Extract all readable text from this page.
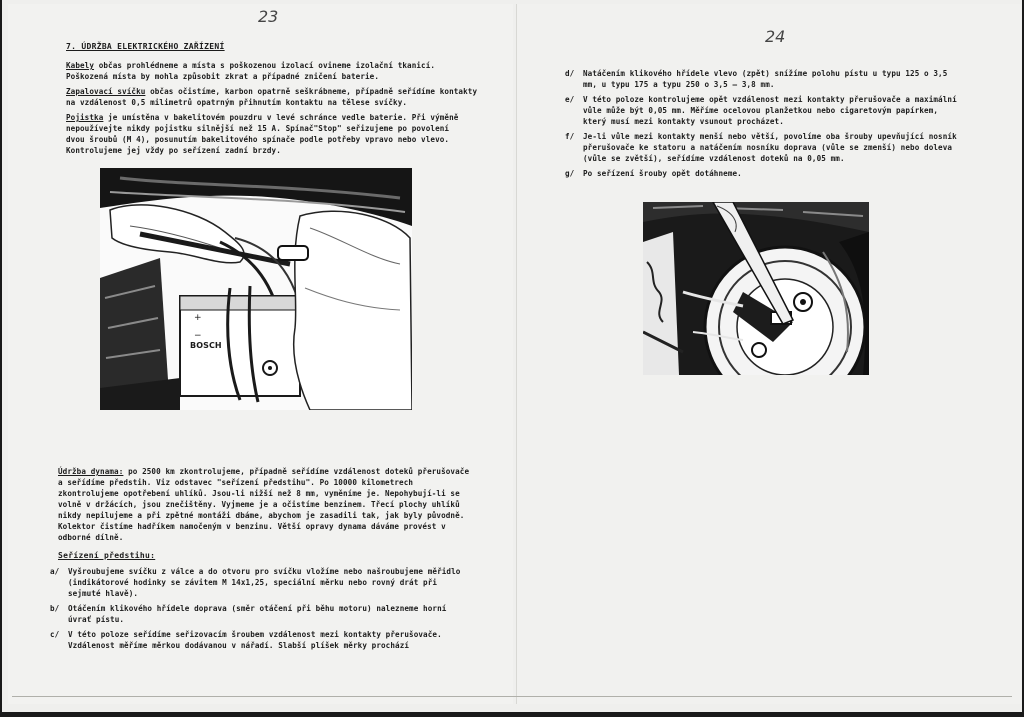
23
7. ÚDRŽBA ELEKTRICKÉHO ZAŘÍZENÍ
Kabely občas prohlédneme a místa s poškozenou izolací ovineme izolační tkanicí. Poškozená místa by mohla způsobit zkrat a případné zničení baterie.
Zapalovací svíčku občas očistíme, karbon opatrně seškrábneme, případně seřídíme kontakty na vzdálenost 0,5 milimetrů opatrným přihnutím kontaktu na tělese svíčky.
Pojistka je umístěna v bakelitovém pouzdru v levé schránce vedle baterie. Při výměně nepoužívejte nikdy pojistku silnější než 15 A. Spínač"Stop" seřizujeme po povolení dvou šroubů (M 4), posunutím bakelitového spínače podle potřeby vpravo nebo vlevo. Kontrolujeme jej vždy po seřízení zadní brzdy.
+
−
BOSCH
Údržba dynama: po 2500 km zkontrolujeme, případně seřídíme vzdálenost doteků přerušovače a seřídíme předstih. Viz odstavec "seřízení předstihu". Po 10000 kilometrech zkontrolujeme opotřebení uhlíků. Jsou-li nižší než 8 mm, vyměníme je. Nepohybují-li se volně v držácích, jsou znečištěny. Vyjmeme je a očistíme benzinem. Třecí plochy uhlíků nikdy nepilujeme a při zpětné montáži dbáme, abychom je zasadili tak, jak byly původně. Kolektor čistíme hadříkem namočeným v benzinu. Větší opravy dynama dáváme provést v odborné dílně.
Seřízení předstihu:
a/	Vyšroubujeme svíčku z válce a do otvoru pro svíčku vložíme nebo našroubujeme měřidlo (indikátorové hodinky se závitem M 14x1,25, speciální měrku nebo rovný drát při sejmuté hlavě).
b/	Otáčením klikového hřídele doprava (směr otáčení při běhu motoru) nalezneme horní úvrať pístu.
c/	V této poloze seřídíme seřizovacím šroubem vzdálenost mezi kontakty přerušovače. Vzdálenost měříme měrkou dodávanou v nářadí. Slabší plíšek měrky prochází
24
d/	Natáčením klikového hřídele vlevo (zpět) snížíme polohu pístu u typu 125 o 3,5 mm, u typu 175 a typu 250 o 3,5 – 3,8 mm.
e/	V této poloze kontrolujeme opět vzdálenost mezi kontakty přerušovače a maximální vůle může být 0,05 mm. Měříme ocelovou planžetkou nebo cigaretovým papírkem, který musí mezi kontakty vsunout procházet.
f/	Je-li vůle mezi kontakty menší nebo větší, povolíme oba šrouby upevňující nosník přerušovače ke statoru a natáčením nosníku doprava (vůle se zmenší) nebo doleva (vůle se zvětší), seřídíme vzdálenost doteků na 0,05 mm.
g/	Po seřízení šrouby opět dotáhneme.
